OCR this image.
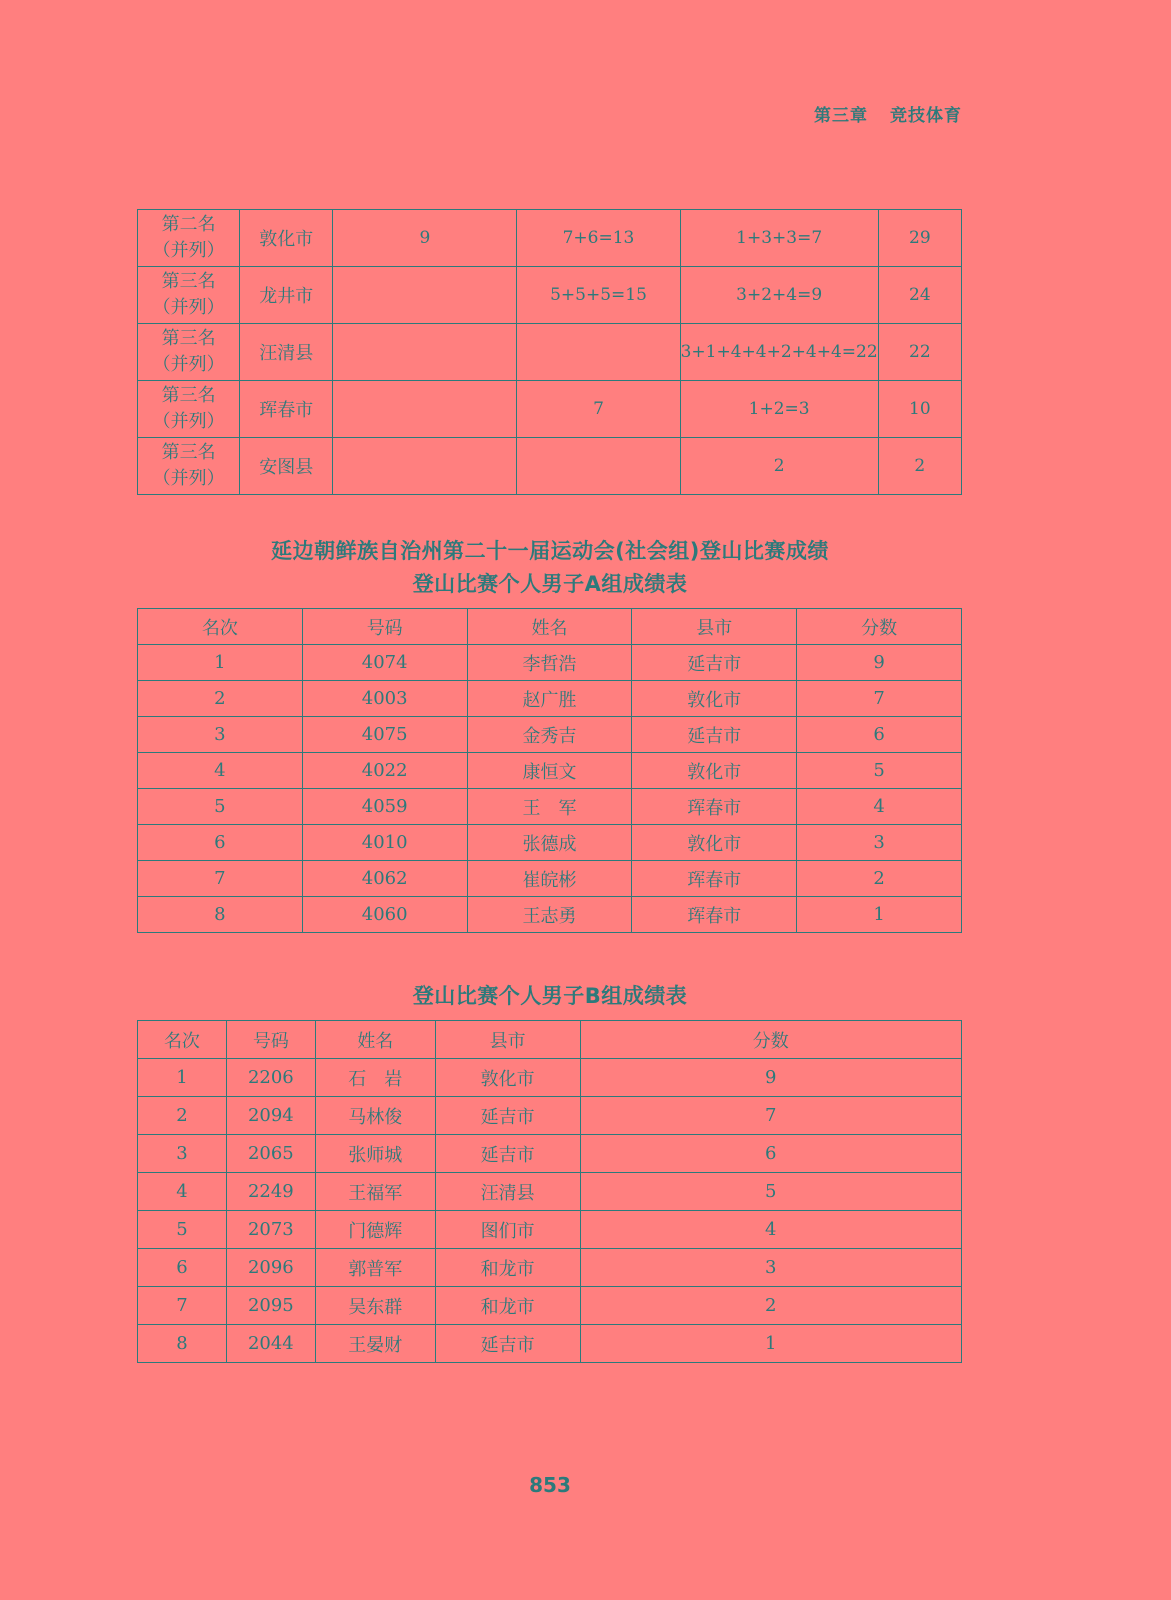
第三章 竞技体育
第二名
（并列）	敦化市	9	7+6=13	1+3+3=7	29

第三名
（并列）	龙井市		5+5+5=15	3+2+4=9	24

第三名
（并列）	汪清县			3+1+4+4+2+4+4=22	22

第三名
（并列）	珲春市		7	1+2=3	10

第三名
（并列）	安图县			2	2
延边朝鲜族自治州第二十一届运动会(社会组)登山比赛成绩
登山比赛个人男子A组成绩表
名次	号码	姓名	县市	分数
1	4074	李哲浩	延吉市	9
2	4003	赵广胜	敦化市	7
3	4075	金秀吉	延吉市	6
4	4022	康恒文	敦化市	5
5	4059	王　军	珲春市	4
6	4010	张德成	敦化市	3
7	4062	崔皖彬	珲春市	2
8	4060	王志勇	珲春市	1
登山比赛个人男子B组成绩表
名次	号码	姓名	县市	分数
1	2206	石　岩	敦化市	9
2	2094	马林俊	延吉市	7
3	2065	张师城	延吉市	6
4	2249	王福军	汪清县	5
5	2073	门德辉	图们市	4
6	2096	郭普军	和龙市	3
7	2095	吴东群	和龙市	2
8	2044	王晏财	延吉市	1
853
